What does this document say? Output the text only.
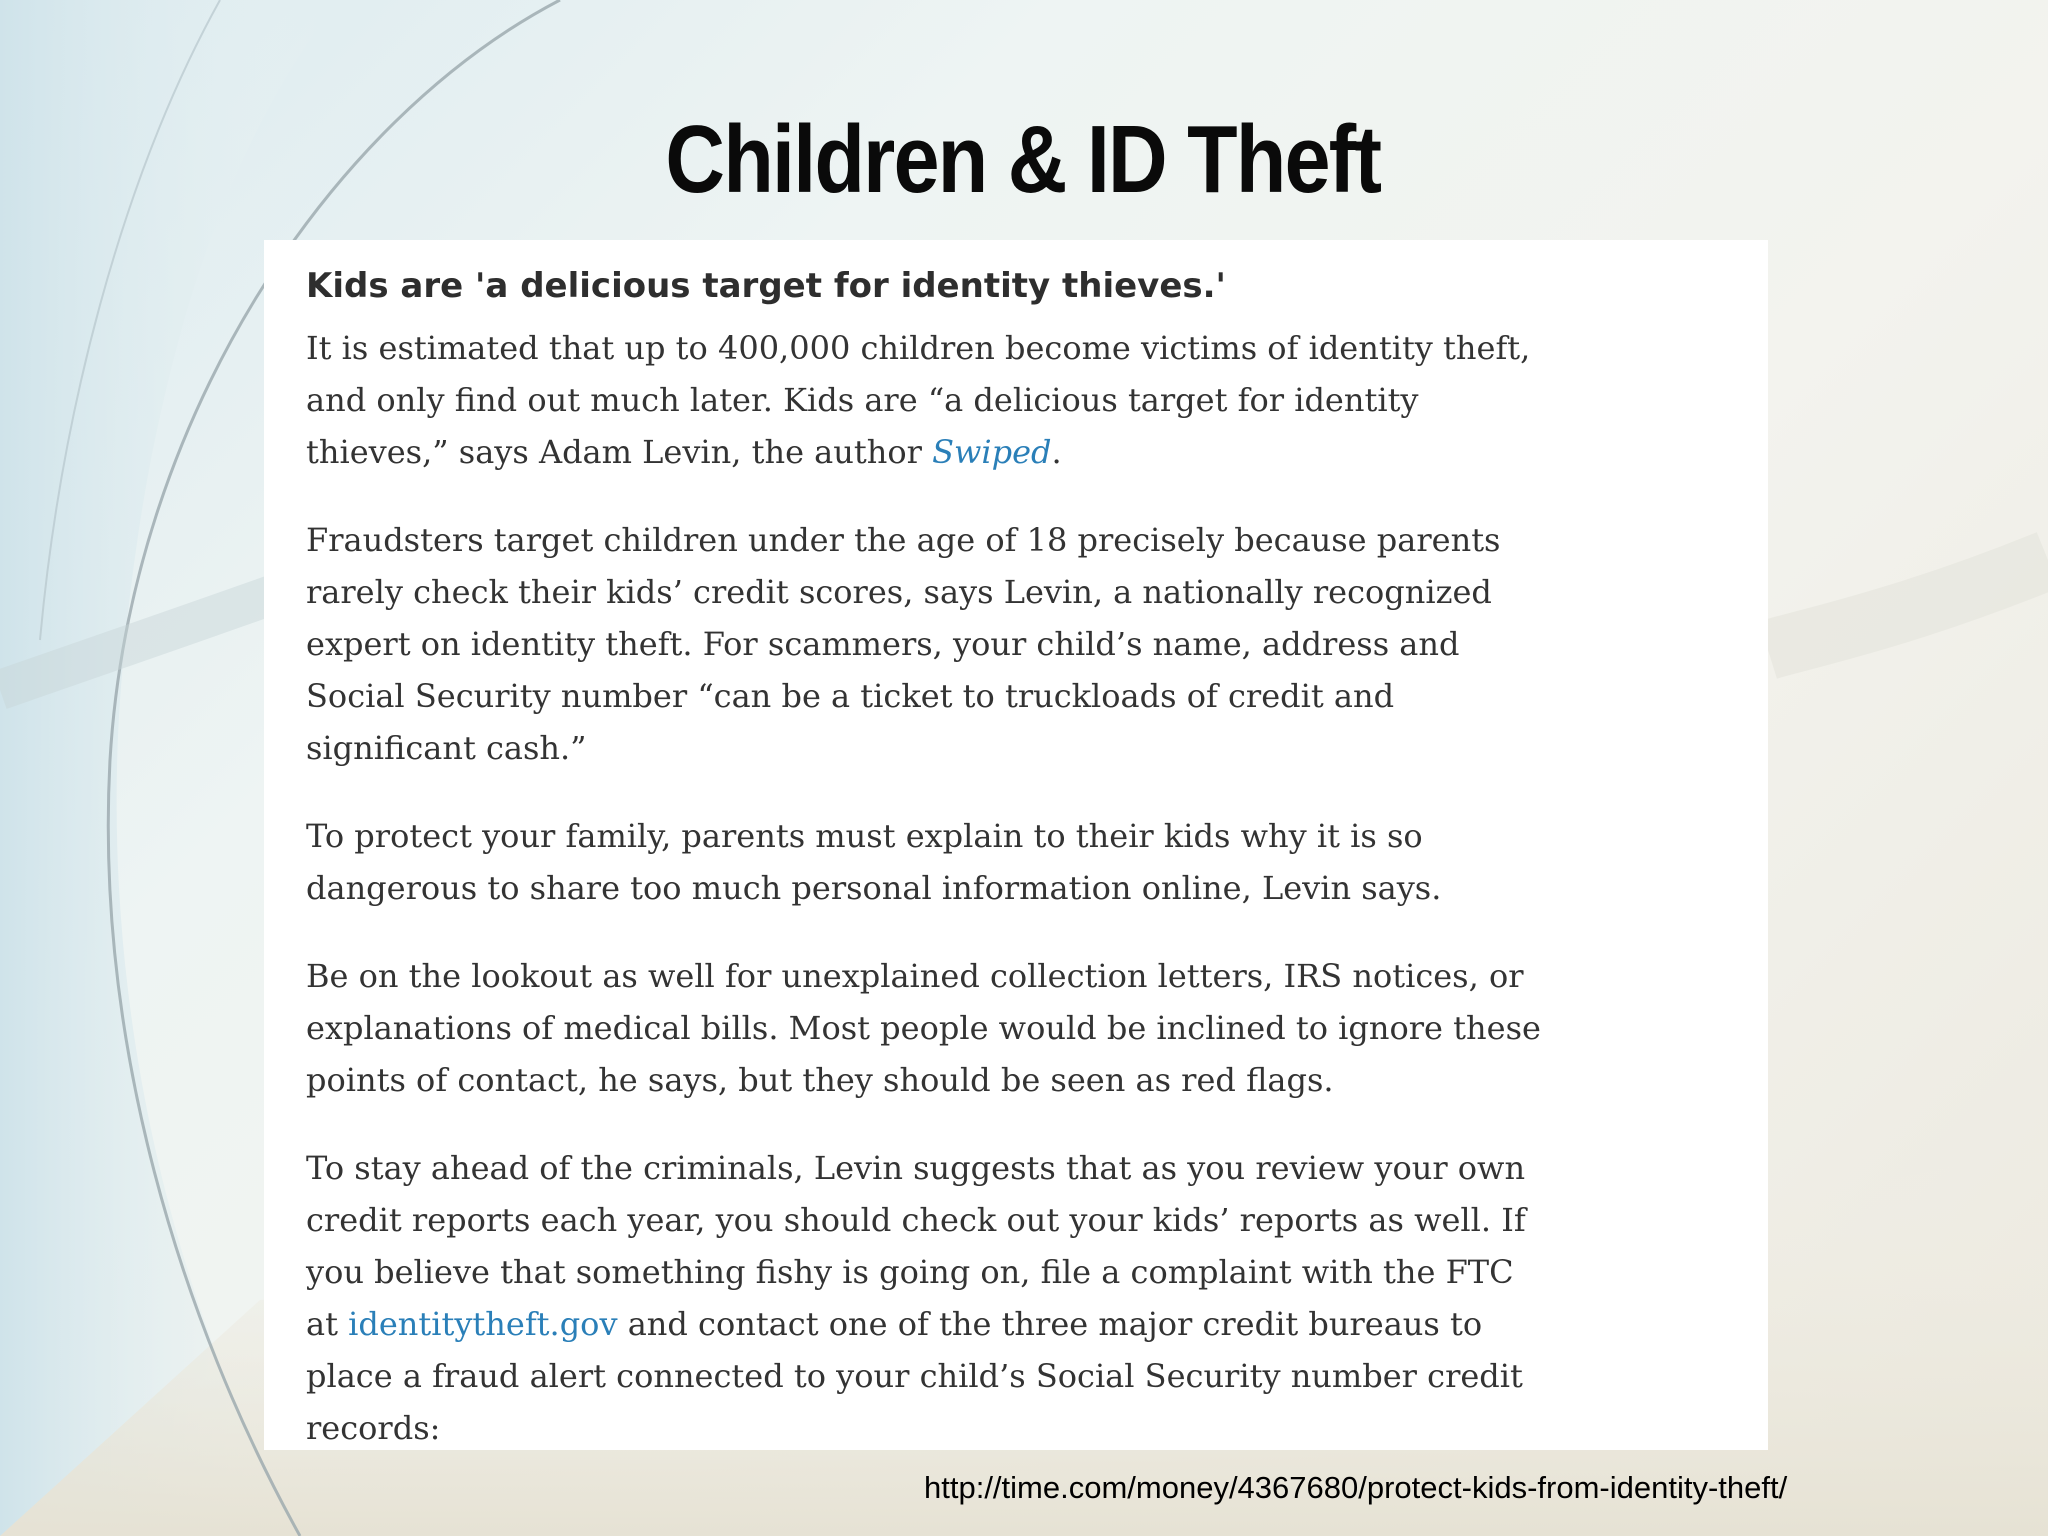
Children & ID Theft
Kids are 'a delicious target for identity thieves.'

It is estimated that up to 400,000 children become victims of identity theft,
and only find out much later. Kids are “a delicious target for identity
thieves,” says Adam Levin, the author Swiped.

Fraudsters target children under the age of 18 precisely because parents
rarely check their kids’ credit scores, says Levin, a nationally recognized
expert on identity theft. For scammers, your child’s name, address and
Social Security number “can be a ticket to truckloads of credit and
significant cash.”

To protect your family, parents must explain to their kids why it is so
dangerous to share too much personal information online, Levin says.

Be on the lookout as well for unexplained collection letters, IRS notices, or
explanations of medical bills. Most people would be inclined to ignore these
points of contact, he says, but they should be seen as red flags.

To stay ahead of the criminals, Levin suggests that as you review your own
credit reports each year, you should check out your kids’ reports as well. If
you believe that something fishy is going on, file a complaint with the FTC
at identitytheft.gov and contact one of the three major credit bureaus to
place a fraud alert connected to your child’s Social Security number credit
records:

http://time.com/money/4367680/protect-kids-from-identity-theft/
